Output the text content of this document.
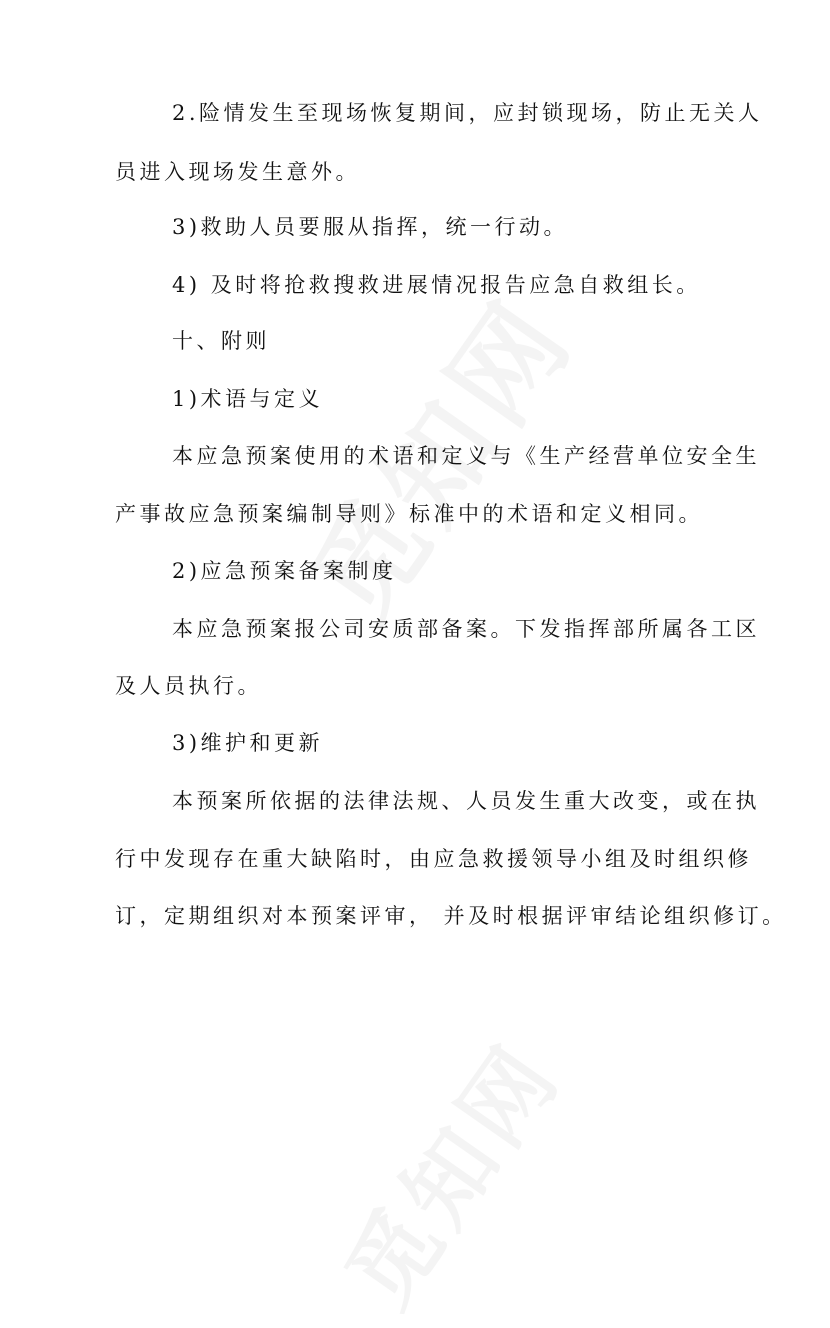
2.险情发生至现场恢复期间，应封锁现场，防止无关人
员进入现场发生意外。
3)救助人员要服从指挥，统一行动。
4) 及时将抢救搜救进展情况报告应急自救组长。
十、附则
1)术语与定义
本应急预案使用的术语和定义与《生产经营单位安全生
产事故应急预案编制导则》标准中的术语和定义相同。
2)应急预案备案制度
本应急预案报公司安质部备案。下发指挥部所属各工区
及人员执行。
3)维护和更新
本预案所依据的法律法规、人员发生重大改变，或在执
行中发现存在重大缺陷时，由应急救援领导小组及时组织修
订，定期组织对本预案评审， 并及时根据评审结论组织修订。
